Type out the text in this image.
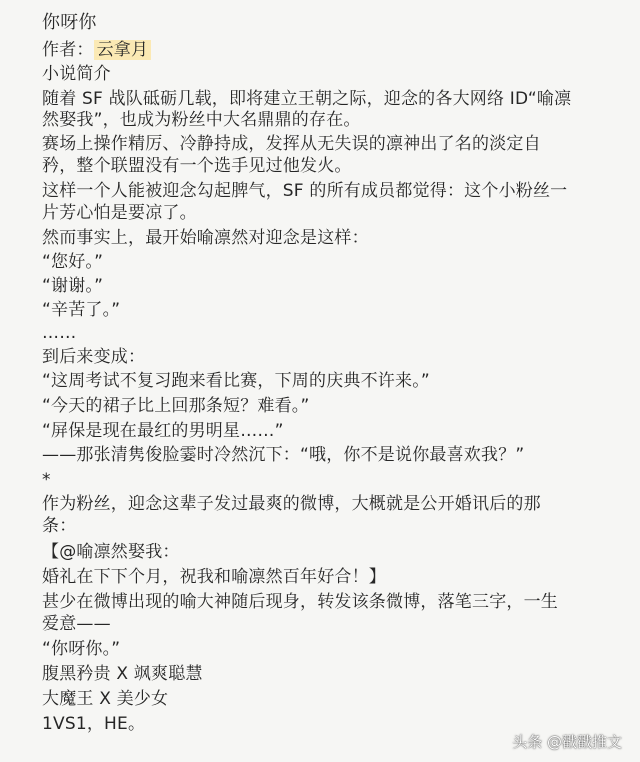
你呀你
作者： 云拿月
小说简介
随着 SF 战队砥砺几载，即将建立王朝之际，迎念的各大网络 ID“喻凛
然娶我”，也成为粉丝中大名鼎鼎的存在。
赛场上操作精厉、冷静持成，发挥从无失误的凛神出了名的淡定自
矜，整个联盟没有一个选手见过他发火。
这样一个人能被迎念勾起脾气，SF 的所有成员都觉得：这个小粉丝一
片芳心怕是要凉了。
然而事实上，最开始喻凛然对迎念是这样：
“您好。”
“谢谢。”
“辛苦了。”
……
到后来变成：
“这周考试不复习跑来看比赛，下周的庆典不许来。”
“今天的裙子比上回那条短？难看。”
“屏保是现在最红的男明星……”
——那张清隽俊脸霎时冷然沉下：“哦，你不是说你最喜欢我？”
*
作为粉丝，迎念这辈子发过最爽的微博，大概就是公开婚讯后的那
条：
【@喻凛然娶我：
婚礼在下下个月，祝我和喻凛然百年好合！】
甚少在微博出现的喻大神随后现身，转发该条微博，落笔三字，一生
爱意——
“你呀你。”
腹黑矜贵 X 飒爽聪慧
大魔王 X 美少女
1VS1，HE。
头条 @戳戳推文
